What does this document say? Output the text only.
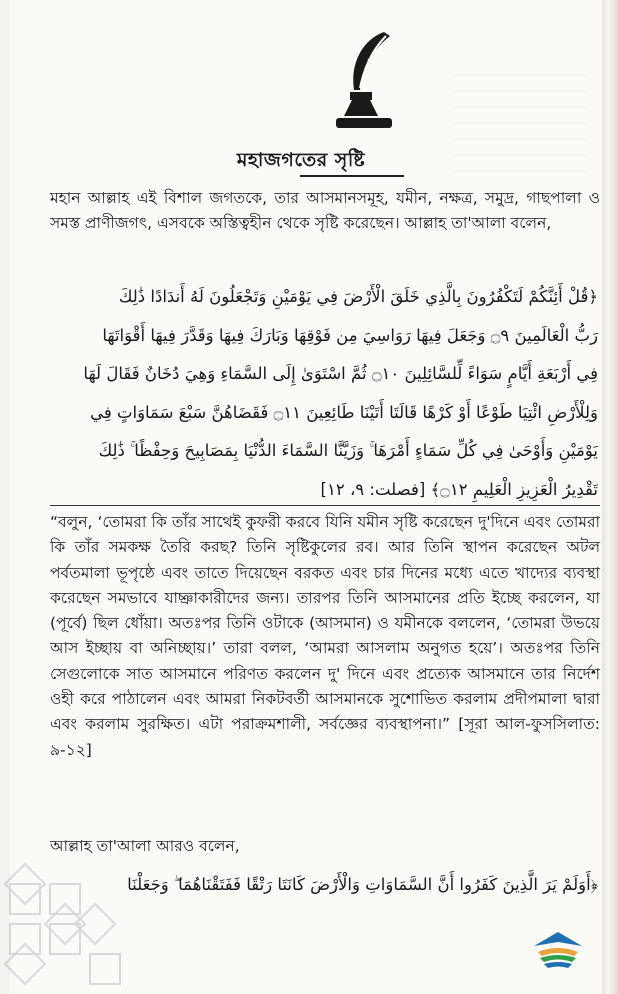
মহাজগতের সৃষ্টি
মহান আল্লাহ এই বিশাল জগতকে, তার আসমানসমূহ, যমীন, নক্ষত্র, সমুদ্র, গাছপালা ও সমস্ত প্রাণীজগৎ, এসবকে অস্তিত্বহীন থেকে সৃষ্টি করেছেন। আল্লাহ তা'আলা বলেন,
﴿قُلْ أَئِنَّكُمْ لَتَكْفُرُونَ بِالَّذِي خَلَقَ الْأَرْضَ فِي يَوْمَيْنِ وَتَجْعَلُونَ لَهُ أَندَادًا ذَٰلِكَ
رَبُّ الْعَالَمِينَ ۝٩ وَجَعَلَ فِيهَا رَوَاسِيَ مِن فَوْقِهَا وَبَارَكَ فِيهَا وَقَدَّرَ فِيهَا أَقْوَاتَهَا
فِي أَرْبَعَةِ أَيَّامٍ سَوَاءً لِّلسَّائِلِينَ ۝١٠ ثُمَّ اسْتَوَىٰ إِلَى السَّمَاءِ وَهِيَ دُخَانٌ فَقَالَ لَهَا
وَلِلْأَرْضِ ائْتِيَا طَوْعًا أَوْ كَرْهًا قَالَتَا أَتَيْنَا طَائِعِينَ ۝١١ فَقَضَاهُنَّ سَبْعَ سَمَاوَاتٍ فِي
يَوْمَيْنِ وَأَوْحَىٰ فِي كُلِّ سَمَاءٍ أَمْرَهَا ۚ وَزَيَّنَّا السَّمَاءَ الدُّنْيَا بِمَصَابِيحَ وَحِفْظًا ۚ ذَٰلِكَ
تَقْدِيرُ الْعَزِيزِ الْعَلِيمِ ۝١٢﴾ [فصلت: ٩، ١٢]
“বলুন, ‘তোমরা কি তাঁর সাথেই কুফরী করবে যিনি যমীন সৃষ্টি করেছেন দু'দিনে এবং তোমরা কি তাঁর সমকক্ষ তৈরি করছ? তিনি সৃষ্টিকুলের রব। আর তিনি স্থাপন করেছেন অটল পর্বতমালা ভূপৃষ্ঠে এবং তাতে দিয়েছেন বরকত এবং চার দিনের মধ্যে এতে খাদ্যের ব্যবস্থা করেছেন সমভাবে যাচ্ঞাকারীদের জন্য। তারপর তিনি আসমানের প্রতি ইচ্ছে করলেন, যা (পূর্বে) ছিল ধোঁয়া। অতঃপর তিনি ওটাকে (আসমান) ও যমীনকে বললেন, ‘তোমরা উভয়ে আস ইচ্ছায় বা অনিচ্ছায়।’ তারা বলল, ‘আমরা আসলাম অনুগত হয়ে’। অতঃপর তিনি সেগুলোকে সাত আসমানে পরিণত করলেন দু' দিনে এবং প্রত্যেক আসমানে তার নির্দেশ ওহী করে পাঠালেন এবং আমরা নিকটবর্তী আসমানকে সুশোভিত করলাম প্রদীপমালা দ্বারা এবং করলাম সুরক্ষিত। এটা পরাক্রমশালী, সর্বজ্ঞের ব্যবস্থাপনা।” [সূরা আল-ফুসসিলাত: ৯-১২]
আল্লাহ তা'আলা আরও বলেন,
﴿أَوَلَمْ يَرَ الَّذِينَ كَفَرُوا أَنَّ السَّمَاوَاتِ وَالْأَرْضَ كَانَتَا رَتْقًا فَفَتَقْنَاهُمَا ۖ وَجَعَلْنَا
